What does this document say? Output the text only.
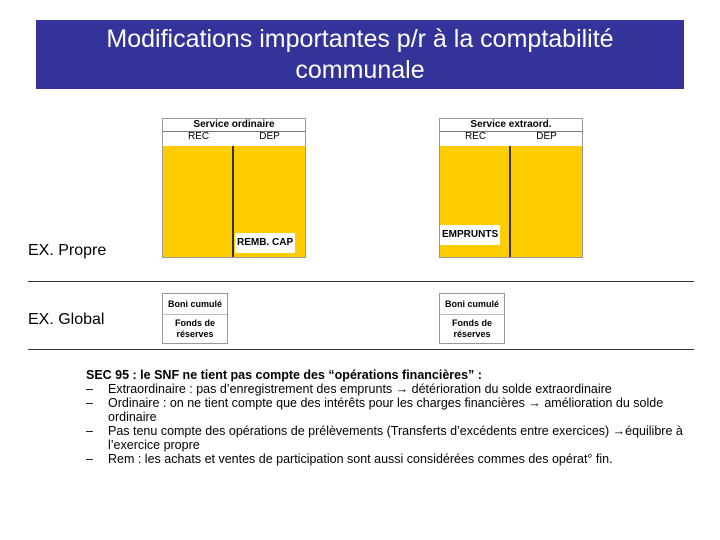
Modifications importantes p/r à la comptabilité
communale
Service ordinaire
REC	DEP
REMB. CAP
Service extraord.
REC	DEP
EMPRUNTS
EX. Propre
EX. Global
Boni cumulé
Fonds de
réserves
Boni cumulé
Fonds de
réserves
SEC 95 : le SNF ne tient pas compte des “opérations financières” :
– Extraordinaire : pas d’enregistrement des emprunts → détérioration du solde extraordinaire
– Ordinaire : on ne tient compte que des intérêts pour les charges financières → amélioration du solde ordinaire
– Pas tenu compte des opérations de prélèvements (Transferts d’excédents entre exercices) →équilibre à l’exercice propre
– Rem : les achats et ventes de participation sont aussi considérées commes des opérat° fin.
